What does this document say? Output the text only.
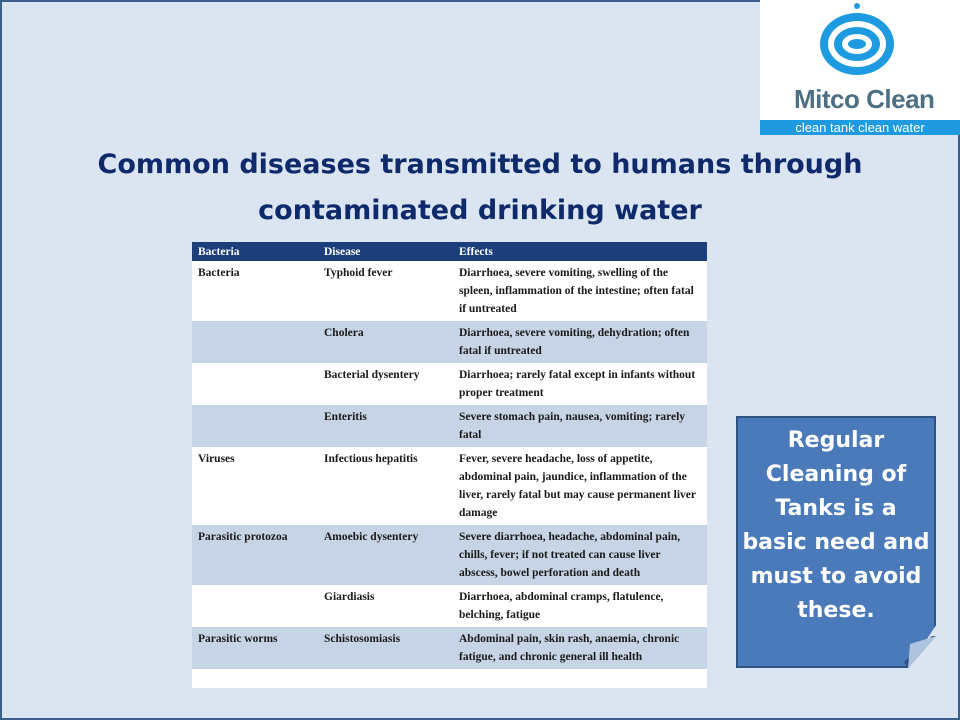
Mitco Clean
clean tank clean water
Common diseases transmitted to humans through
contaminated drinking water
Bacteria	Disease	Effects
Bacteria	Typhoid fever	Diarrhoea, severe vomiting, swelling of the spleen, inflammation of the intestine; often fatal if untreated
	Cholera	Diarrhoea, severe vomiting, dehydration; often fatal if untreated
	Bacterial dysentery	Diarrhoea; rarely fatal except in infants without proper treatment
	Enteritis	Severe stomach pain, nausea, vomiting; rarely fatal
Viruses	Infectious hepatitis	Fever, severe headache, loss of appetite, abdominal pain, jaundice, inflammation of the liver, rarely fatal but may cause permanent liver damage
Parasitic protozoa	Amoebic dysentery	Severe diarrhoea, headache, abdominal pain, chills, fever; if not treated can cause liver abscess, bowel perforation and death
	Giardiasis	Diarrhoea, abdominal cramps, flatulence, belching, fatigue
Parasitic worms	Schistosomiasis	Abdominal pain, skin rash, anaemia, chronic fatigue, and chronic general ill health
Regular Cleaning of Tanks is a basic need and must to avoid these.
